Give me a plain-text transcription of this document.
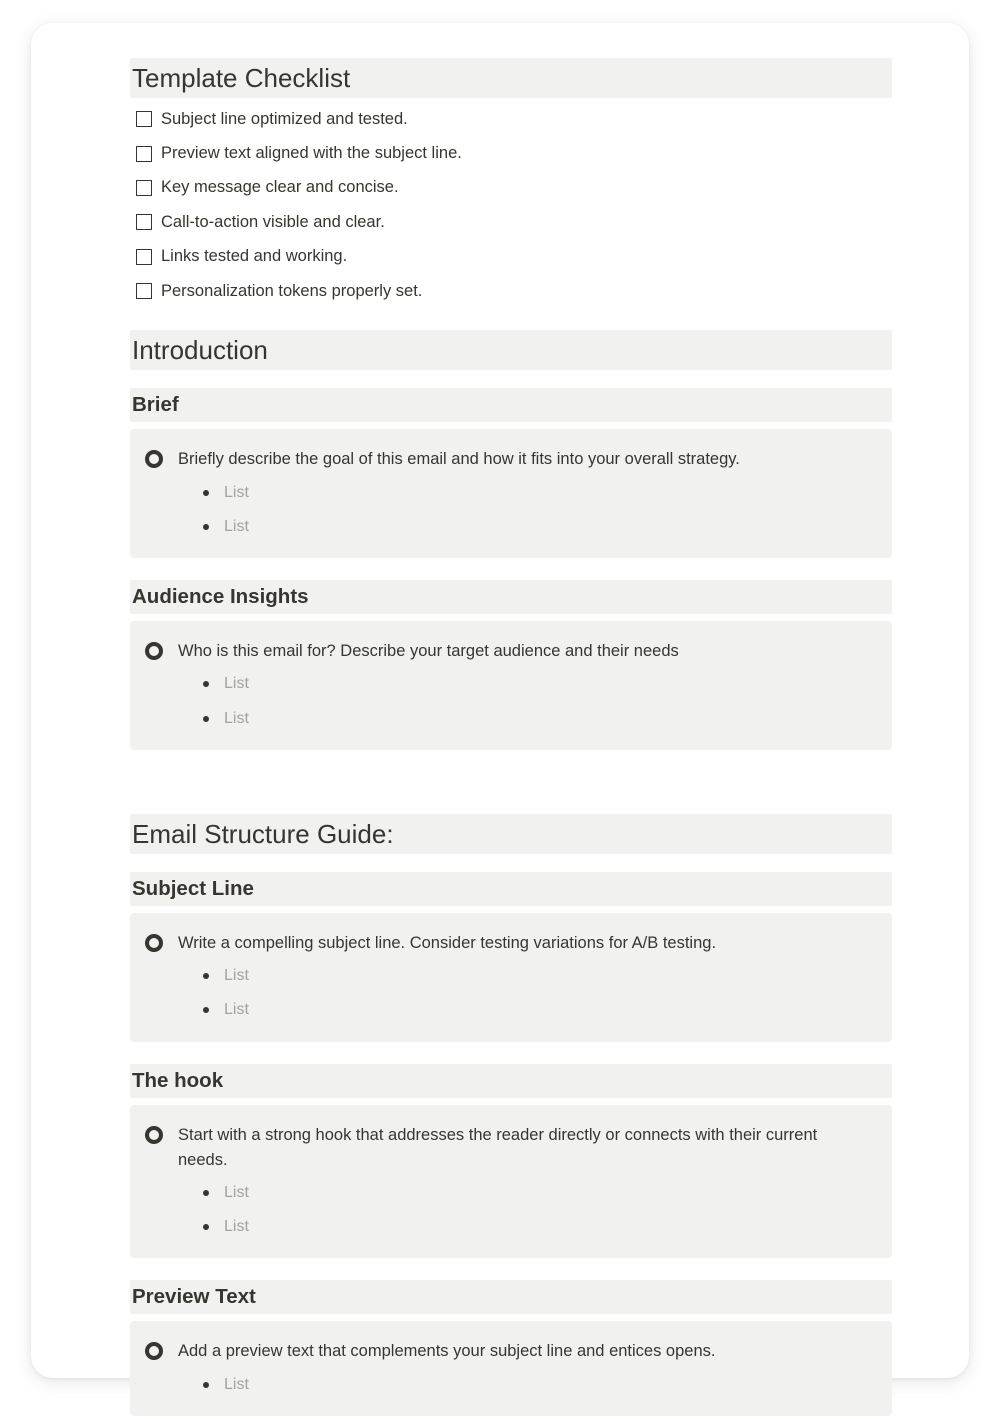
Template Checklist
Subject line optimized and tested.
Preview text aligned with the subject line.
Key message clear and concise.
Call-to-action visible and clear.
Links tested and working.
Personalization tokens properly set.
Introduction
Brief
Briefly describe the goal of this email and how it fits into your overall strategy.
List
List
Audience Insights
Who is this email for? Describe your target audience and their needs
List
List
Email Structure Guide:
Subject Line
Write a compelling subject line. Consider testing variations for A/B testing.
List
List
The hook
Start with a strong hook that addresses the reader directly or connects with their current needs.
List
List
Preview Text
Add a preview text that complements your subject line and entices opens.
List
